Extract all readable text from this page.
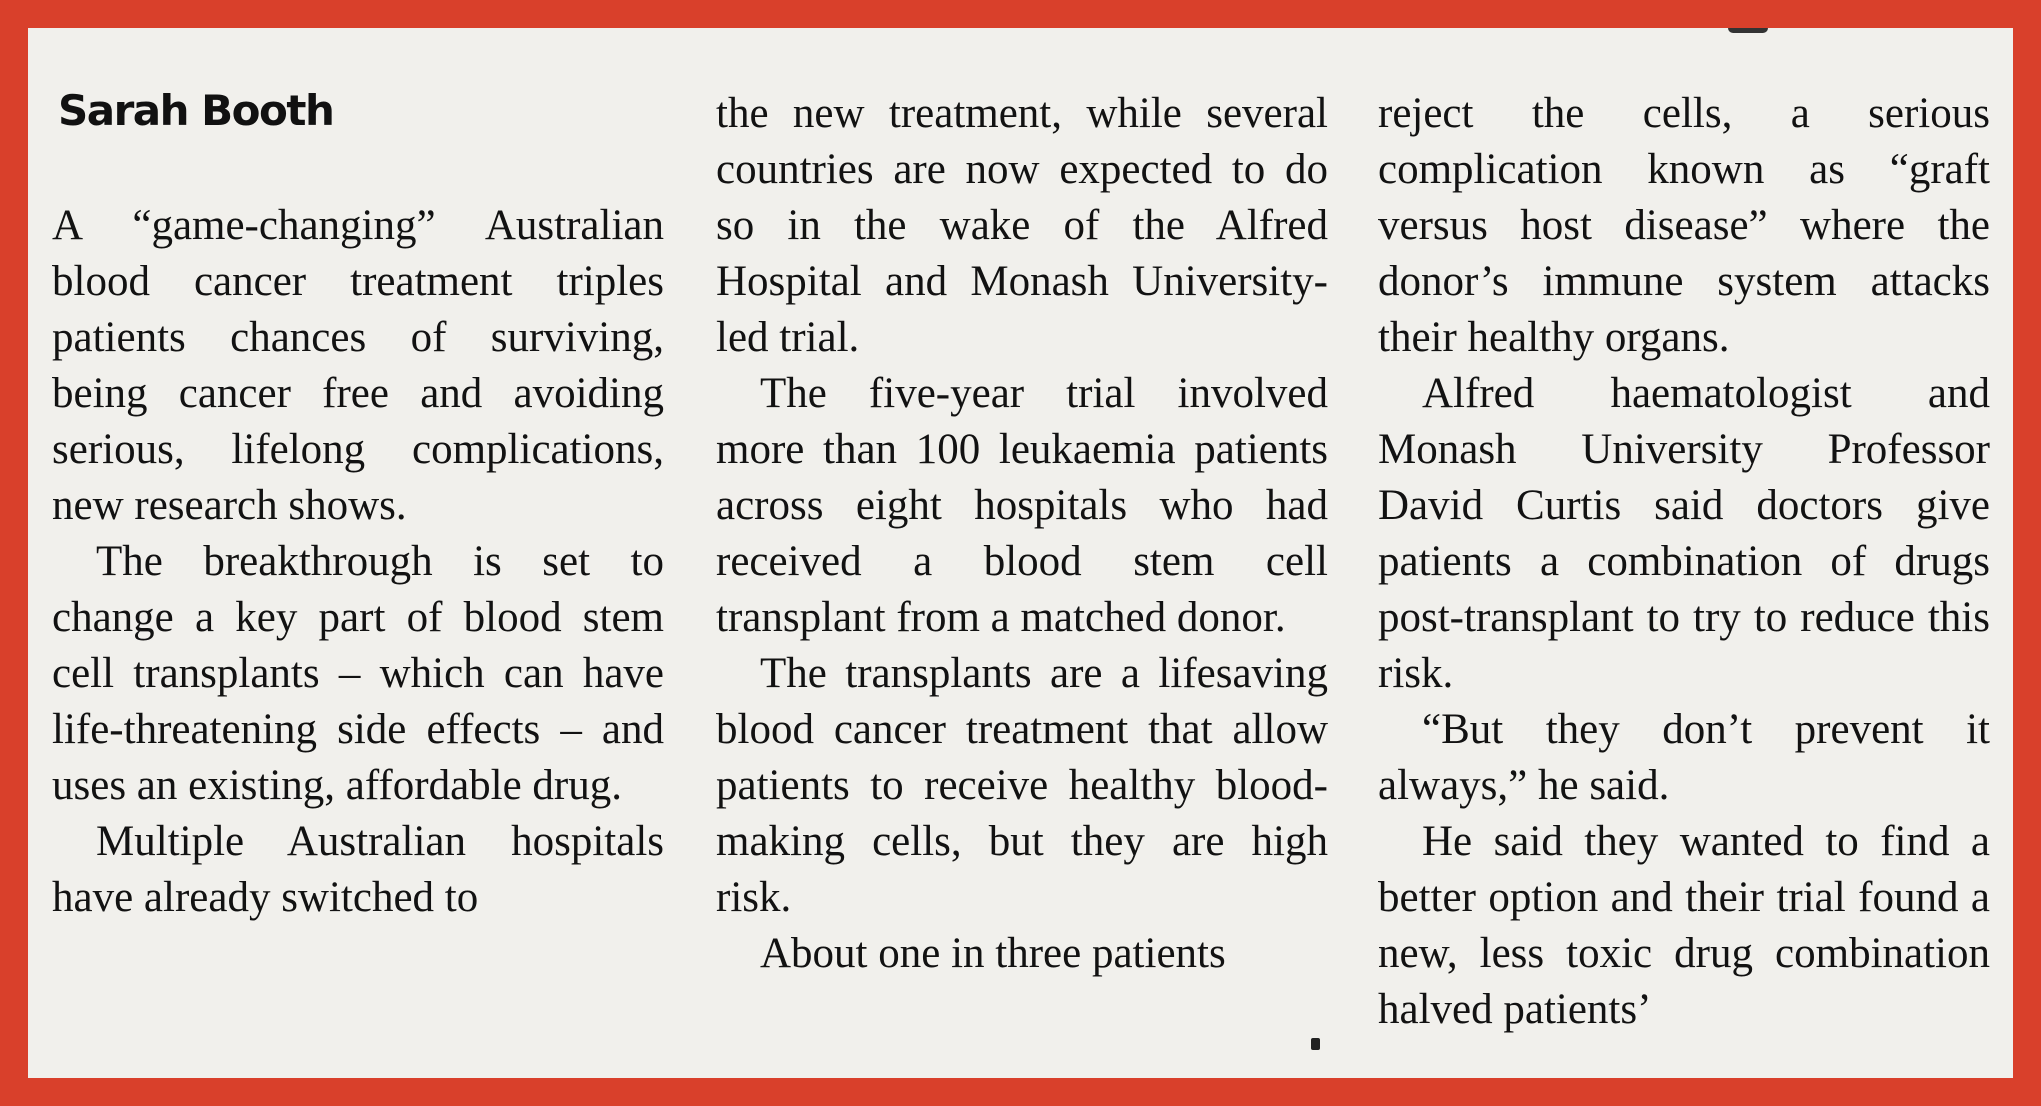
Sarah Booth

A “game-changing” Australian blood cancer treatment triples patients chances of surviving, being cancer free and avoiding serious, lifelong complications, new research shows.

The breakthrough is set to change a key part of blood stem cell transplants – which can have life-threatening side effects – and uses an existing, affordable drug.

Multiple Australian hospitals have already switched to

the new treatment, while several countries are now expected to do so in the wake of the Alfred Hospital and Monash University-led trial.

The five-year trial involved more than 100 leukaemia patients across eight hospitals who had received a blood stem cell transplant from a matched donor.

The transplants are a lifesaving blood cancer treatment that allow patients to receive healthy blood-making cells, but they are high risk.

About one in three patients

reject the cells, a serious complication known as “graft versus host disease” where the donor’s immune system attacks their healthy organs.

Alfred haematologist and Monash University Professor David Curtis said doctors give patients a combination of drugs post-transplant to try to reduce this risk.

“But they don’t prevent it always,” he said.

He said they wanted to find a better option and their trial found a new, less toxic drug combination halved patients’
